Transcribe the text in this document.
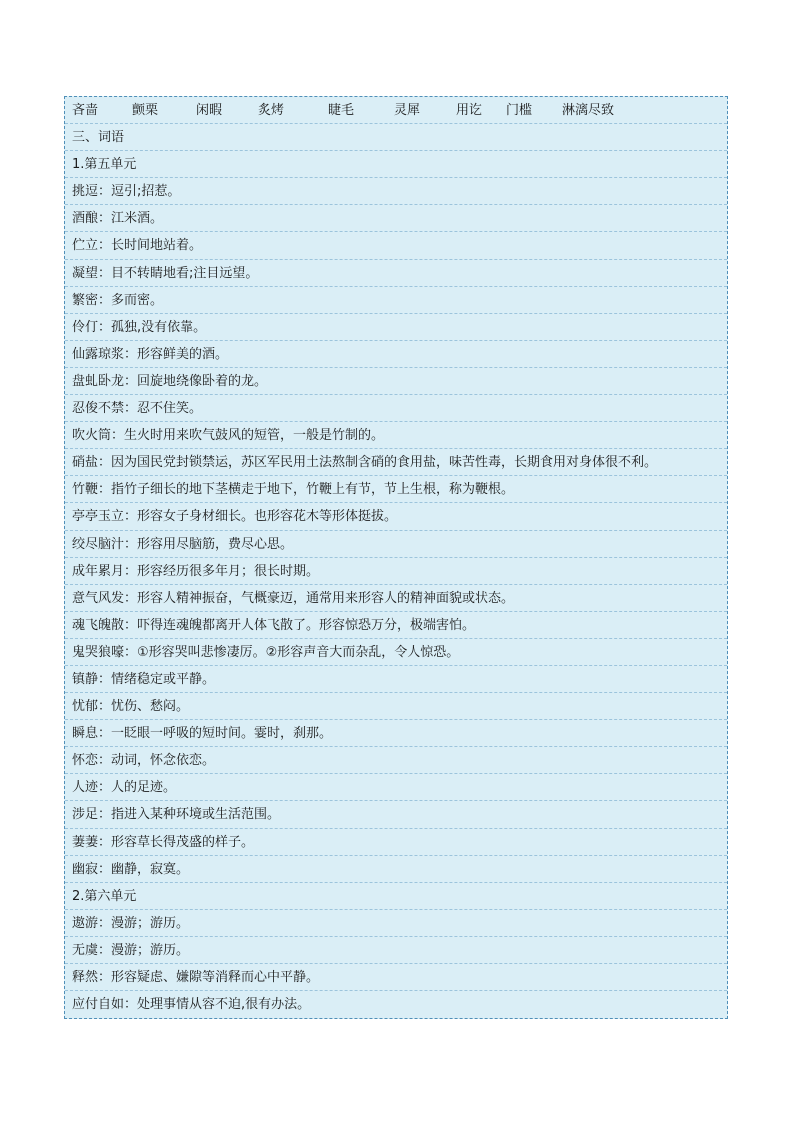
吝啬	颤栗	闲暇	炙烤	睫毛	灵犀	用讫 门槛 淋漓尽致
三、词语
1.第五单元
挑逗：逗引;招惹。
酒酿：江米酒。
伫立：长时间地站着。
凝望：目不转睛地看;注目远望。
繁密：多而密。
伶仃：孤独,没有依靠。
仙露琼浆：形容鲜美的酒。
盘虬卧龙：回旋地绕像卧着的龙。
忍俊不禁：忍不住笑。
吹火筒：生火时用来吹气鼓风的短管，一般是竹制的。
硝盐：因为国民党封锁禁运，苏区军民用土法熬制含硝的食用盐，味苦性毒，长期食用对身体很不利。
竹鞭：指竹子细长的地下茎横走于地下，竹鞭上有节，节上生根，称为鞭根。
亭亭玉立：形容女子身材细长。也形容花木等形体挺拔。
绞尽脑汁：形容用尽脑筋，费尽心思。
成年累月：形容经历很多年月；很长时期。
意气风发：形容人精神振奋，气概豪迈，通常用来形容人的精神面貌或状态。
魂飞魄散：吓得连魂魄都离开人体飞散了。形容惊恐万分，极端害怕。
鬼哭狼嚎：①形容哭叫悲惨凄厉。②形容声音大而杂乱，令人惊恐。
镇静：情绪稳定或平静。
忧郁：忧伤、愁闷。
瞬息：一眨眼一呼吸的短时间。霎时，刹那。
怀恋：动词，怀念依恋。
人迹：人的足迹。
涉足：指进入某种环境或生活范围。
萋萋：形容草长得茂盛的样子。
幽寂：幽静，寂寞。
2.第六单元
遨游：漫游；游历。
无虞：漫游；游历。
释然：形容疑虑、嫌隙等消释而心中平静。
应付自如：处理事情从容不迫,很有办法。
